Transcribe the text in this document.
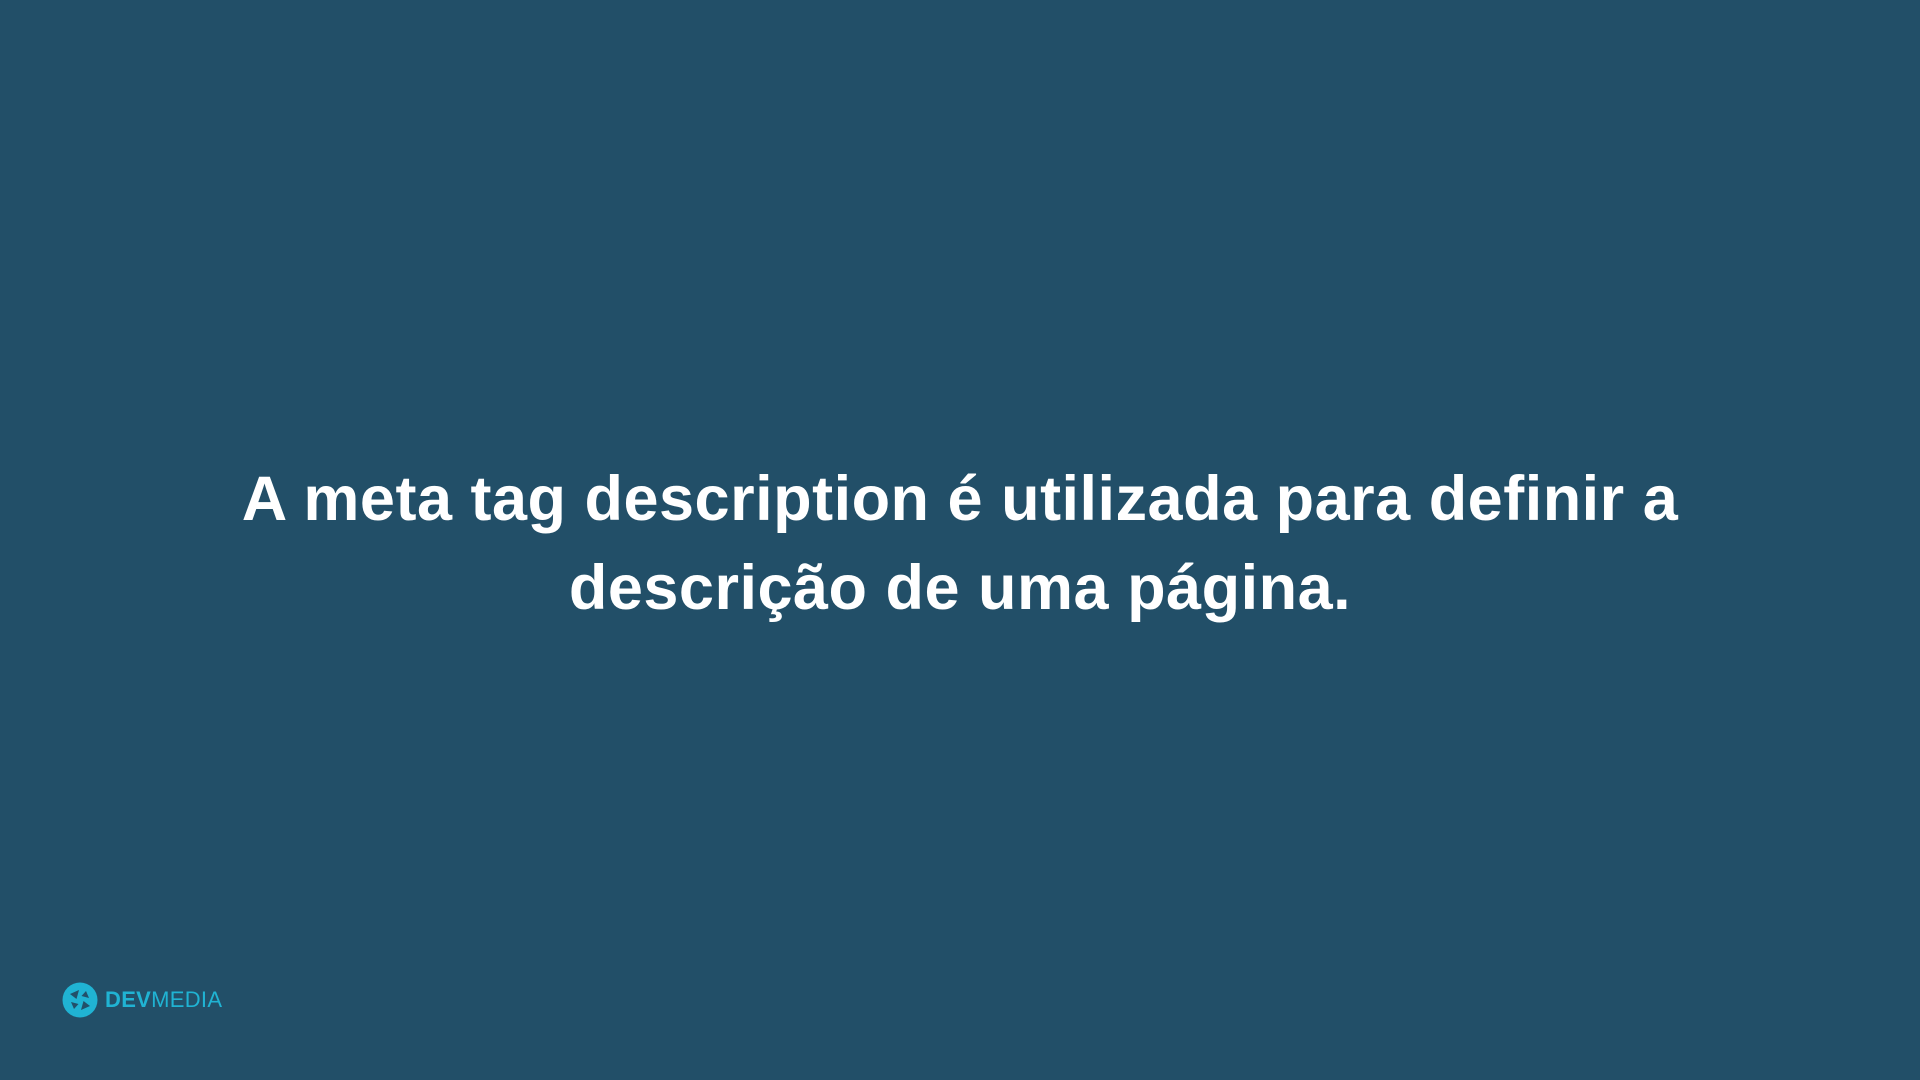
A meta tag description é utilizada para definir a
descrição de uma página.
DEVMEDIA
